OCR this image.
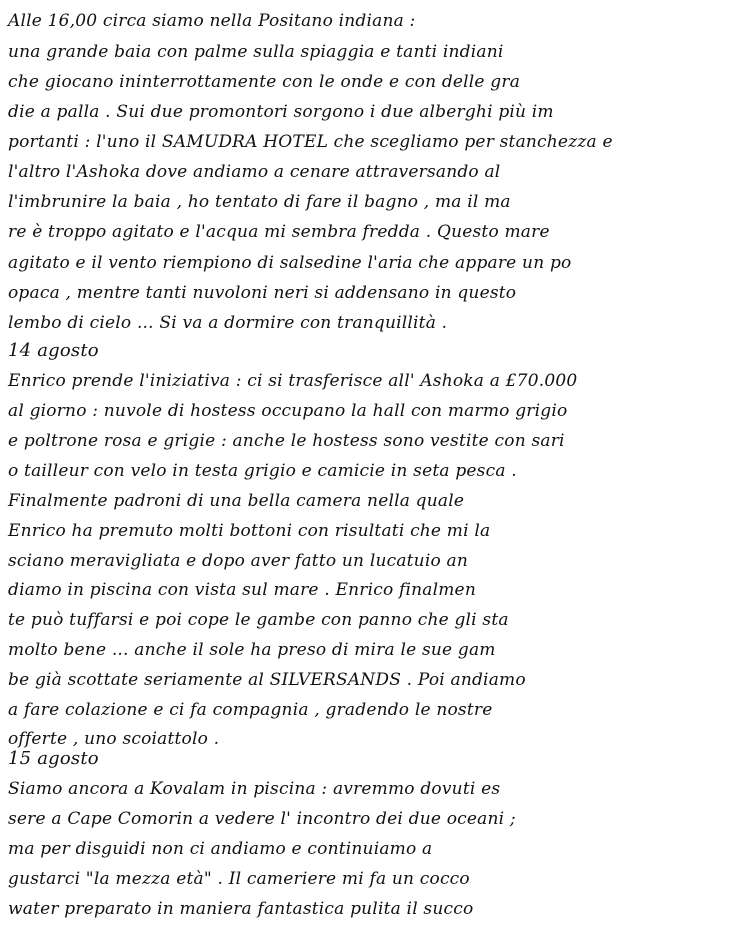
Alle 16,00 circa siamo nella Positano indiana :
una grande baia con palme sulla spiaggia e tanti indiani
che giocano ininterrottamente con le onde e con delle gra
die a palla . Sui due promontori sorgono i due alberghi più im
portanti : l'uno il SAMUDRA HOTEL che scegliamo per stanchezza e
l'altro l'Ashoka dove andiamo a cenare attraversando al
l'imbrunire la baia , ho tentato di fare il bagno , ma il ma
re è troppo agitato e l'acqua mi sembra fredda . Questo mare
agitato e il vento riempiono di salsedine l'aria che appare un po
opaca , mentre tanti nuvoloni neri si addensano in questo
lembo di cielo ... Si va a dormire con tranquillità .
14 agosto
Enrico prende l'iniziativa : ci si trasferisce all' Ashoka a £70.000
al giorno : nuvole di hostess occupano la hall con marmo grigio
e poltrone rosa e grigie : anche le hostess sono vestite con sari
o tailleur con velo in testa grigio e camicie in seta pesca .
Finalmente padroni di una bella camera nella quale
Enrico ha premuto molti bottoni con risultati che mi la
sciano meravigliata e dopo aver fatto un lucatuio an
diamo in piscina con vista sul mare . Enrico finalmen
te può tuffarsi e poi cope le gambe con panno che gli sta
molto bene ... anche il sole ha preso di mira le sue gam
be già scottate seriamente al SILVERSANDS . Poi andiamo
a fare colazione e ci fa compagnia , gradendo le nostre
offerte , uno scoiattolo .
15 agosto
Siamo ancora a Kovalam in piscina : avremmo dovuti es
sere a Cape Comorin a vedere l' incontro dei due oceani ;
ma per disguidi non ci andiamo e continuiamo a
gustarci "la mezza età" . Il cameriere mi fa un cocco
water preparato in maniera fantastica pulita il succo
